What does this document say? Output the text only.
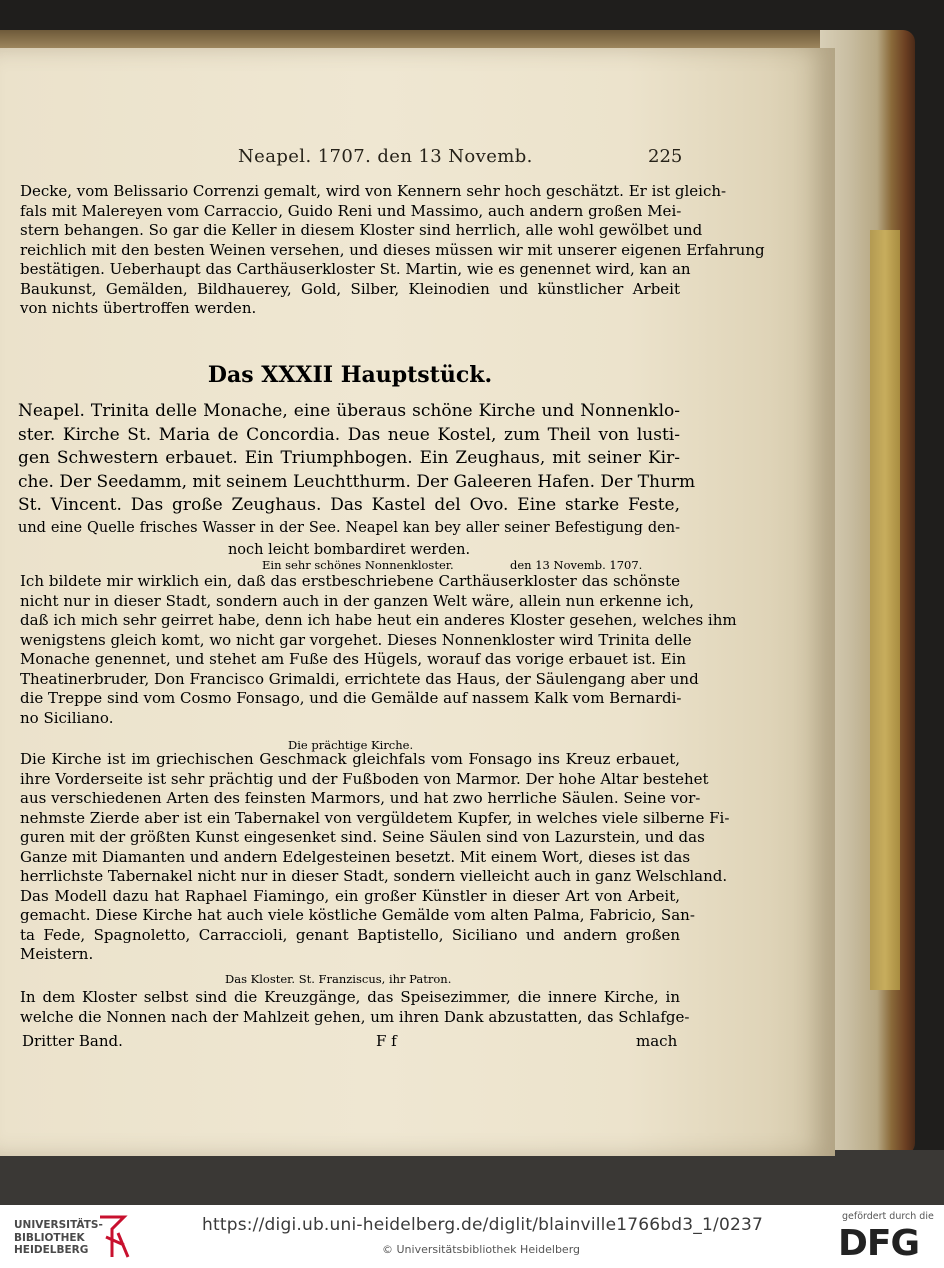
Neapel. 1707. den 13 Novemb.	225

Decke, vom Belissario Correnzi gemalt, wird von Kennern sehr hoch geschätzt. Er ist gleich-

fals mit Malereyen vom Carraccio, Guido Reni und Massimo, auch andern großen Mei-

stern behangen. So gar die Keller in diesem Kloster sind herrlich, alle wohl gewölbet und

reichlich mit den besten Weinen versehen, und dieses müssen wir mit unserer eigenen Erfahrung

bestätigen. Ueberhaupt das Carthäuserkloster St. Martin, wie es genennet wird, kan an

Baukunst, Gemälden, Bildhauerey, Gold, Silber, Kleinodien und künstlicher Arbeit

von nichts übertroffen werden.

Das XXXII Hauptstück.

Neapel. Trinita delle Monache, eine überaus schöne Kirche und Nonnenklo-

ster. Kirche St. Maria de Concordia. Das neue Kostel, zum Theil von lusti-

gen Schwestern erbauet. Ein Triumphbogen. Ein Zeughaus, mit seiner Kir-

che. Der Seedamm, mit seinem Leuchtthurm. Der Galeeren Hafen. Der Thurm

St. Vincent. Das große Zeughaus. Das Kastel del Ovo. Eine starke Feste,

und eine Quelle frisches Wasser in der See. Neapel kan bey aller seiner Befestigung den-

noch leicht bombardiret werden.

Ein sehr schönes Nonnenkloster.	den 13 Novemb. 1707.

Ich bildete mir wirklich ein, daß das erstbeschriebene Carthäuserkloster das schönste

nicht nur in dieser Stadt, sondern auch in der ganzen Welt wäre, allein nun erkenne ich,

daß ich mich sehr geirret habe, denn ich habe heut ein anderes Kloster gesehen, welches ihm

wenigstens gleich komt, wo nicht gar vorgehet. Dieses Nonnenkloster wird Trinita delle

Monache genennet, und stehet am Fuße des Hügels, worauf das vorige erbauet ist. Ein

Theatinerbruder, Don Francisco Grimaldi, errichtete das Haus, der Säulengang aber und

die Treppe sind vom Cosmo Fonsago, und die Gemälde auf nassem Kalk vom Bernardi-

no Siciliano.

Die prächtige Kirche.

Die Kirche ist im griechischen Geschmack gleichfals vom Fonsago ins Kreuz erbauet,

ihre Vorderseite ist sehr prächtig und der Fußboden von Marmor. Der hohe Altar bestehet

aus verschiedenen Arten des feinsten Marmors, und hat zwo herrliche Säulen. Seine vor-

nehmste Zierde aber ist ein Tabernakel von vergüldetem Kupfer, in welches viele silberne Fi-

guren mit der größten Kunst eingesenket sind. Seine Säulen sind von Lazurstein, und das

Ganze mit Diamanten und andern Edelgesteinen besetzt. Mit einem Wort, dieses ist das

herrlichste Tabernakel nicht nur in dieser Stadt, sondern vielleicht auch in ganz Welschland.

Das Modell dazu hat Raphael Fiamingo, ein großer Künstler in dieser Art von Arbeit,

gemacht. Diese Kirche hat auch viele köstliche Gemälde vom alten Palma, Fabricio, San-

ta Fede, Spagnoletto, Carraccioli, genant Baptistello, Siciliano und andern großen

Meistern.

Das Kloster. St. Franziscus, ihr Patron.

In dem Kloster selbst sind die Kreuzgänge, das Speisezimmer, die innere Kirche, in

welche die Nonnen nach der Mahlzeit gehen, um ihren Dank abzustatten, das Schlafge-

Dritter Band.	F f	mach
UNIVERSITÄTS-
BIBLIOTHEK
HEIDELBERG
https://digi.ub.uni-heidelberg.de/diglit/blainville1766bd3_1/0237
© Universitätsbibliothek Heidelberg
gefördert durch die
DFG
